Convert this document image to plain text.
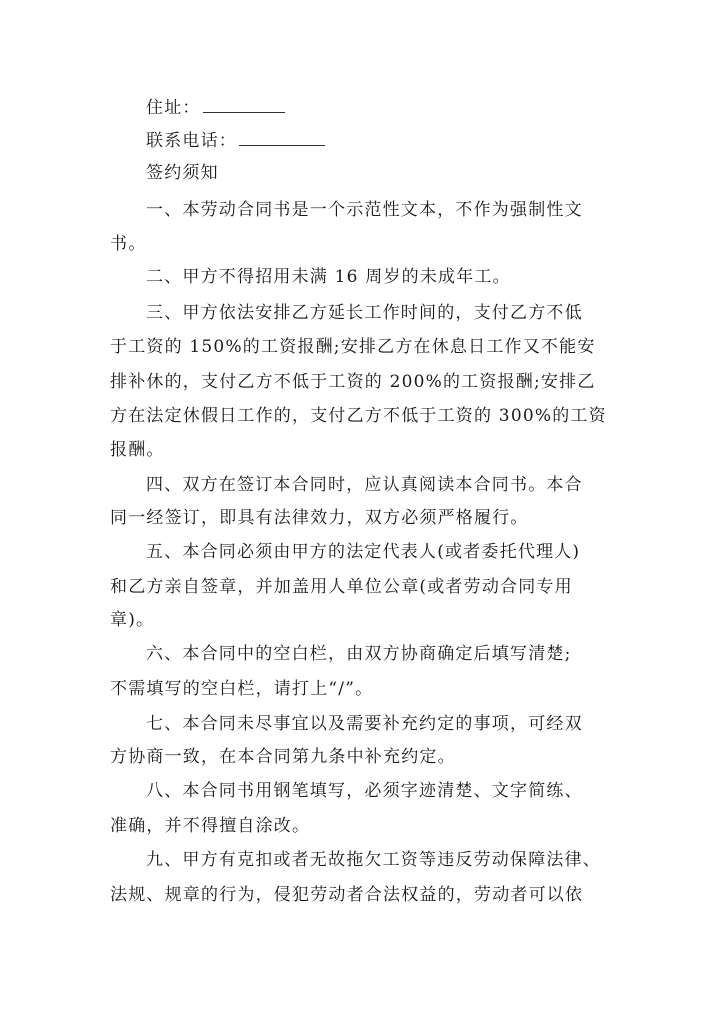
住址：
联系电话：
签约须知
一、本劳动合同书是一个示范性文本，不作为强制性文
书。
二、甲方不得招用未满 16 周岁的未成年工。
三、甲方依法安排乙方延长工作时间的，支付乙方不低
于工资的 150%的工资报酬;安排乙方在休息日工作又不能安
排补休的，支付乙方不低于工资的 200%的工资报酬;安排乙
方在法定休假日工作的，支付乙方不低于工资的 300%的工资
报酬。
四、双方在签订本合同时，应认真阅读本合同书。本合
同一经签订，即具有法律效力，双方必须严格履行。
五、本合同必须由甲方的法定代表人(或者委托代理人)
和乙方亲自签章，并加盖用人单位公章(或者劳动合同专用
章)。
六、本合同中的空白栏，由双方协商确定后填写清楚;
不需填写的空白栏，请打上“/”。
七、本合同未尽事宜以及需要补充约定的事项，可经双
方协商一致，在本合同第九条中补充约定。
八、本合同书用钢笔填写，必须字迹清楚、文字简练、
准确，并不得擅自涂改。
九、甲方有克扣或者无故拖欠工资等违反劳动保障法律、
法规、规章的行为，侵犯劳动者合法权益的，劳动者可以依
